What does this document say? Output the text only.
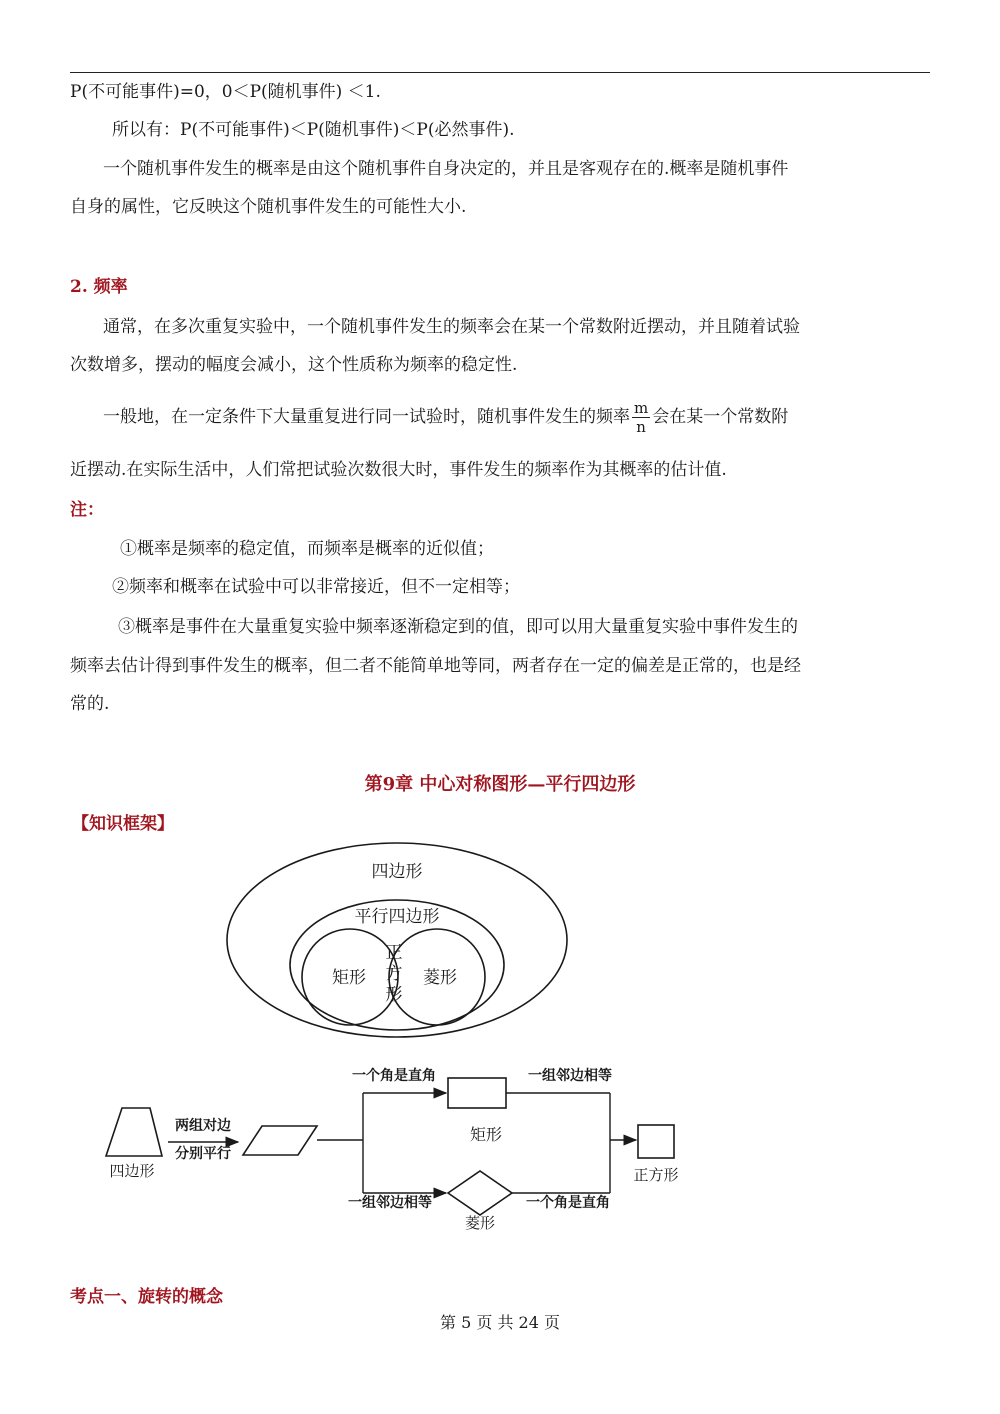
P(不可能事件)=0，0＜P(随机事件) ＜1.
所以有：P(不可能事件)＜P(随机事件)＜P(必然事件).
一个随机事件发生的概率是由这个随机事件自身决定的，并且是客观存在的.概率是随机事件
自身的属性，它反映这个随机事件发生的可能性大小.
2. 频率
通常，在多次重复实验中，一个随机事件发生的频率会在某一个常数附近摆动，并且随着试验
次数增多，摆动的幅度会减小，这个性质称为频率的稳定性.
一般地，在一定条件下大量重复进行同一试验时，随机事件发生的频率 $\frac{m}{n}$ 会在某一个常数附
近摆动.在实际生活中，人们常把试验次数很大时，事件发生的频率作为其概率的估计值.
注：
①概率是频率的稳定值，而频率是概率的近似值；
②频率和概率在试验中可以非常接近，但不一定相等；
③概率是事件在大量重复实验中频率逐渐稳定到的值，即可以用大量重复实验中事件发生的
频率去估计得到事件发生的概率，但二者不能简单地等同，两者存在一定的偏差是正常的，也是经
常的.
第9章 中心对称图形—平行四边形
【知识框架】
四边形
平行四边形
矩形
正
方
形
菱形
四边形
两组对边
分别平行
一个角是直角
矩形
一组邻边相等
正方形
一组邻边相等
菱形
一个角是直角
考点一、旋转的概念
第 5 页 共 24 页
